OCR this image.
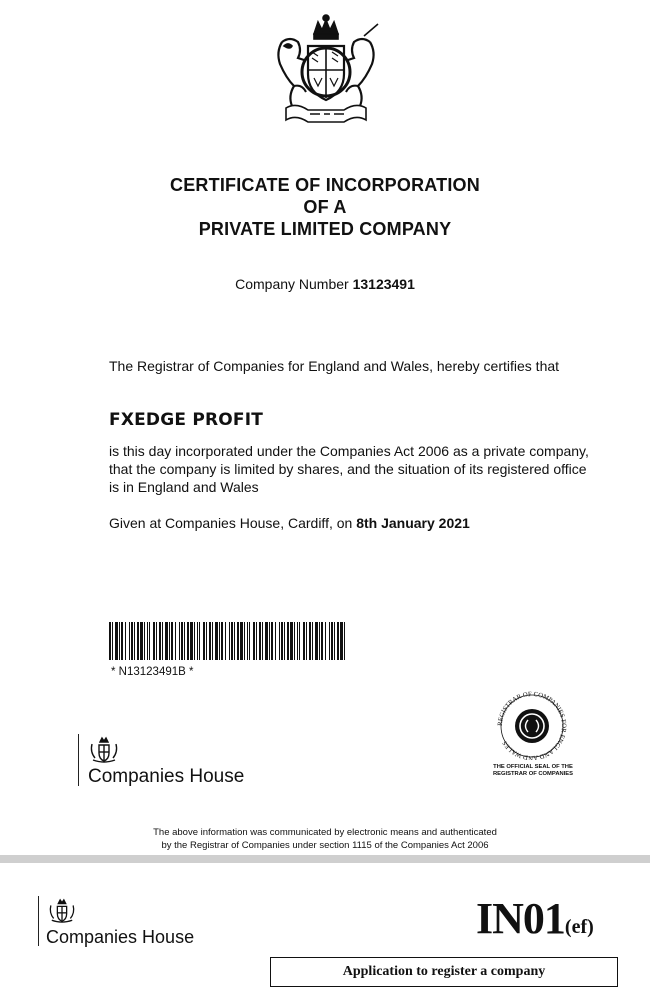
CERTIFICATE OF INCORPORATION
OF A
PRIVATE LIMITED COMPANY
Company Number 13123491
The Registrar of Companies for England and Wales, hereby certifies that
FXEDGE PROFIT
is this day incorporated under the Companies Act 2006 as a private company, that the company is limited by shares, and the situation of its registered office is in England and Wales
Given at Companies House, Cardiff, on 8th January 2021
* N13123491B *
Companies House
REGISTRAR OF COMPANIES FOR ENGLAND AND WALES
THE OFFICIAL SEAL OF THE
REGISTRAR OF COMPANIES
The above information was communicated by electronic means and authenticated
by the Registrar of Companies under section 1115 of the Companies Act 2006
Companies House	IN01(ef)
Application to register a company
